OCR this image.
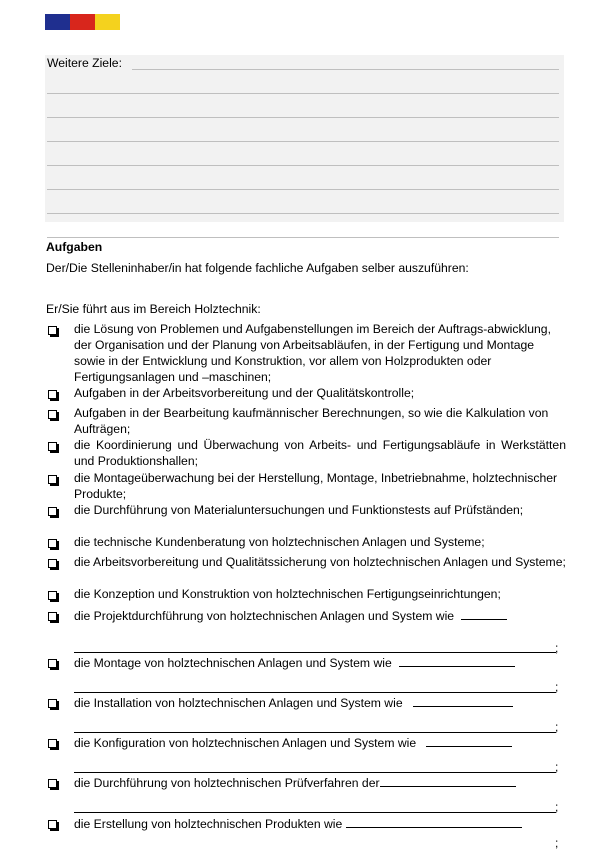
Weitere Ziele:
Aufgaben
Der/Die Stelleninhaber/in hat folgende fachliche Aufgaben selber auszuführen:
Er/Sie führt aus im Bereich Holztechnik:
die Lösung von Problemen und Aufgabenstellungen im Bereich der Auftrags-abwicklung, der Organisation und der Planung von Arbeitsabläufen, in der Fertigung und Montage sowie in der Entwicklung und Konstruktion, vor allem von Holzprodukten oder Fertigungsanlagen und –maschinen;
Aufgaben in der Arbeitsvorbereitung und der Qualitätskontrolle;
Aufgaben in der Bearbeitung kaufmännischer Berechnungen, so wie die Kalkulation von Aufträgen;
die Koordinierung und Überwachung von Arbeits- und Fertigungsabläufe in Werkstätten und Produktionshallen;
die Montageüberwachung bei der Herstellung, Montage, Inbetriebnahme, holztechnischer Produkte;
die Durchführung von Materialuntersuchungen und Funktionstests auf Prüfständen;
die technische Kundenberatung von holztechnischen Anlagen und Systeme;
die Arbeitsvorbereitung und Qualitätssicherung von holztechnischen Anlagen und Systeme;
die Konzeption und Konstruktion von holztechnischen Fertigungseinrichtungen;
die Projektdurchführung von holztechnischen Anlagen und System wie
;
die Montage von holztechnischen Anlagen und System wie
;
die Installation von holztechnischen Anlagen und System wie
;
die Konfiguration von holztechnischen Anlagen und System wie
;
die Durchführung von holztechnischen Prüfverfahren der
;
die Erstellung von holztechnischen Produkten wie
;
